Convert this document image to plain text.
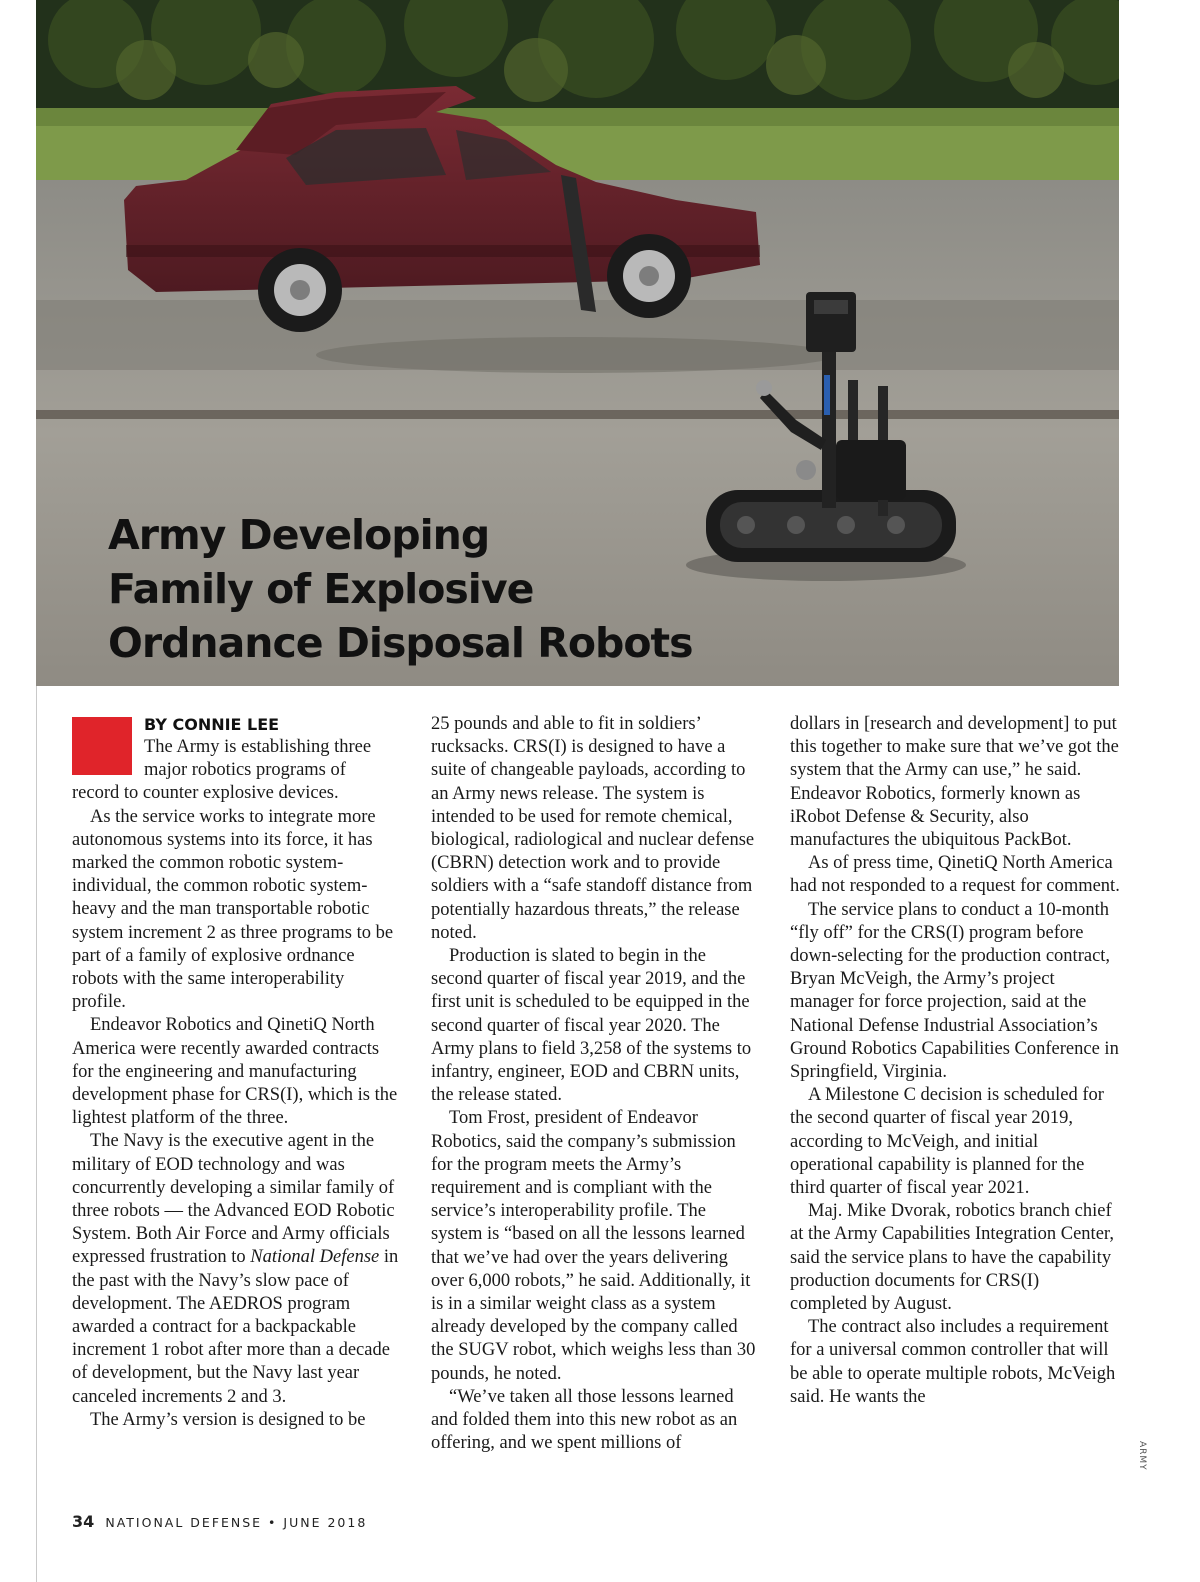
Army Developing
Family of Explosive
Ordnance Disposal Robots
BY CONNIE LEE

The Army is establishing three
major robotics programs of
record to counter explosive devices.

As the service works to integrate more autonomous systems into its force, it has marked the common robotic system-individual, the common robotic system-heavy and the man transportable robotic system increment 2 as three programs to be part of a family of explosive ordnance robots with the same interoperability profile.

Endeavor Robotics and QinetiQ North America were recently awarded contracts for the engineering and manufacturing development phase for CRS(I), which is the lightest platform of the three.

The Navy is the executive agent in the military of EOD technology and was concurrently developing a similar family of three robots — the Advanced EOD Robotic System. Both Air Force and Army officials expressed frustration to National Defense in the past with the Navy’s slow pace of development. The AEDROS program awarded a contract for a backpackable increment 1 robot after more than a decade of development, but the Navy last year canceled increments 2 and 3.

The Army’s version is designed to be

25 pounds and able to fit in soldiers’ rucksacks. CRS(I) is designed to have a suite of changeable payloads, according to an Army news release. The system is intended to be used for remote chemical, biological, radiological and nuclear defense (CBRN) detection work and to provide soldiers with a “safe standoff distance from potentially hazardous threats,” the release noted.

Production is slated to begin in the second quarter of fiscal year 2019, and the first unit is scheduled to be equipped in the second quarter of fiscal year 2020. The Army plans to field 3,258 of the systems to infantry, engineer, EOD and CBRN units, the release stated.

Tom Frost, president of Endeavor Robotics, said the company’s submission for the program meets the Army’s requirement and is compliant with the service’s interoperability profile. The system is “based on all the lessons learned that we’ve had over the years delivering over 6,000 robots,” he said. Additionally, it is in a similar weight class as a system already developed by the company called the SUGV robot, which weighs less than 30 pounds, he noted.

“We’ve taken all those lessons learned and folded them into this new robot as an offering, and we spent millions of

dollars in [research and development] to put this together to make sure that we’ve got the system that the Army can use,” he said. Endeavor Robotics, formerly known as iRobot Defense & Security, also manufactures the ubiquitous PackBot.

As of press time, QinetiQ North America had not responded to a request for comment.

The service plans to conduct a 10-month “fly off” for the CRS(I) program before down-selecting for the production contract, Bryan McVeigh, the Army’s project manager for force projection, said at the National Defense Industrial Association’s Ground Robotics Capabilities Conference in Springfield, Virginia.

A Milestone C decision is scheduled for the second quarter of fiscal year 2019, according to McVeigh, and initial operational capability is planned for the third quarter of fiscal year 2021.

Maj. Mike Dvorak, robotics branch chief at the Army Capabilities Integration Center, said the service plans to have the capability production documents for CRS(I) completed by August.

The contract also includes a requirement for a universal common controller that will be able to operate multiple robots, McVeigh said. He wants the

ARMY
34 NATIONAL DEFENSE • JUNE 2018
